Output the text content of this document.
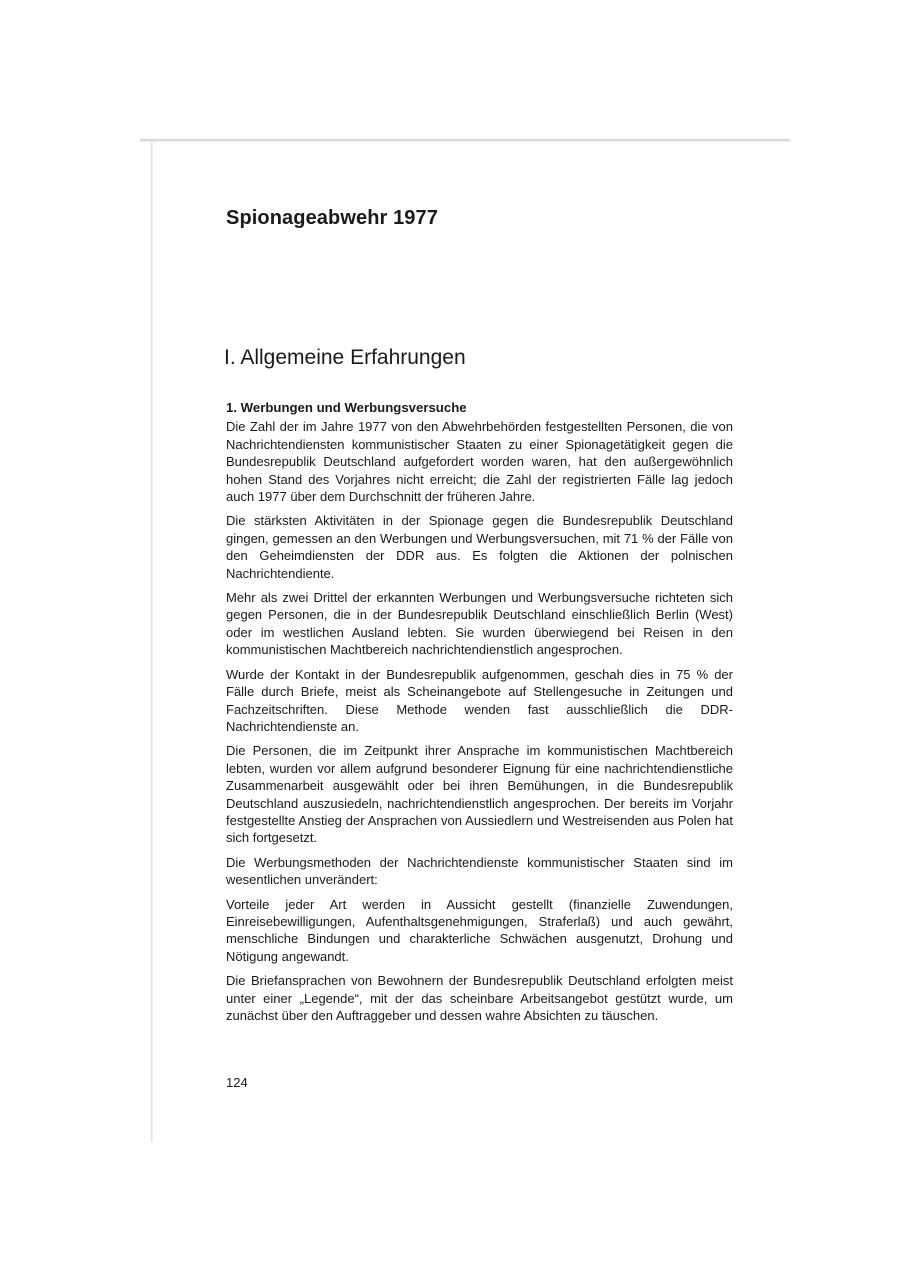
Spionageabwehr 1977
I. Allgemeine Erfahrungen
1. Werbungen und Werbungsversuche

Die Zahl der im Jahre 1977 von den Abwehrbehörden festgestellten Personen, die von Nachrichtendiensten kommunistischer Staaten zu einer Spionagetätigkeit gegen die Bundesrepublik Deutschland aufgefordert worden waren, hat den außergewöhnlich hohen Stand des Vorjahres nicht erreicht; die Zahl der registrierten Fälle lag jedoch auch 1977 über dem Durchschnitt der früheren Jahre.

Die stärksten Aktivitäten in der Spionage gegen die Bundesrepublik Deutschland gingen, gemessen an den Werbungen und Werbungsversuchen, mit 71 % der Fälle von den Geheimdiensten der DDR aus. Es folgten die Aktionen der polnischen Nachrichtendiente.

Mehr als zwei Drittel der erkannten Werbungen und Werbungsversuche richteten sich gegen Personen, die in der Bundesrepublik Deutschland einschließlich Berlin (West) oder im westlichen Ausland lebten. Sie wurden überwiegend bei Reisen in den kommunistischen Machtbereich nachrichtendienstlich angesprochen.

Wurde der Kontakt in der Bundesrepublik aufgenommen, geschah dies in 75 % der Fälle durch Briefe, meist als Scheinangebote auf Stellengesuche in Zeitungen und Fachzeitschriften. Diese Methode wenden fast ausschließlich die DDR-Nachrichtendienste an.

Die Personen, die im Zeitpunkt ihrer Ansprache im kommunistischen Machtbereich lebten, wurden vor allem aufgrund besonderer Eignung für eine nachrichtendienstliche Zusammenarbeit ausgewählt oder bei ihren Bemühungen, in die Bundesrepublik Deutschland auszusiedeln, nachrichtendienstlich angesprochen. Der bereits im Vorjahr festgestellte Anstieg der Ansprachen von Aussiedlern und Westreisenden aus Polen hat sich fortgesetzt.

Die Werbungsmethoden der Nachrichtendienste kommunistischer Staaten sind im wesentlichen unverändert:

Vorteile jeder Art werden in Aussicht gestellt (finanzielle Zuwendungen, Einreisebewilligungen, Aufenthaltsgenehmigungen, Straferlaß) und auch gewährt, menschliche Bindungen und charakterliche Schwächen ausgenutzt, Drohung und Nötigung angewandt.

Die Briefansprachen von Bewohnern der Bundesrepublik Deutschland erfolgten meist unter einer „Legende“, mit der das scheinbare Arbeitsangebot gestützt wurde, um zunächst über den Auftraggeber und dessen wahre Absichten zu täuschen.

124
